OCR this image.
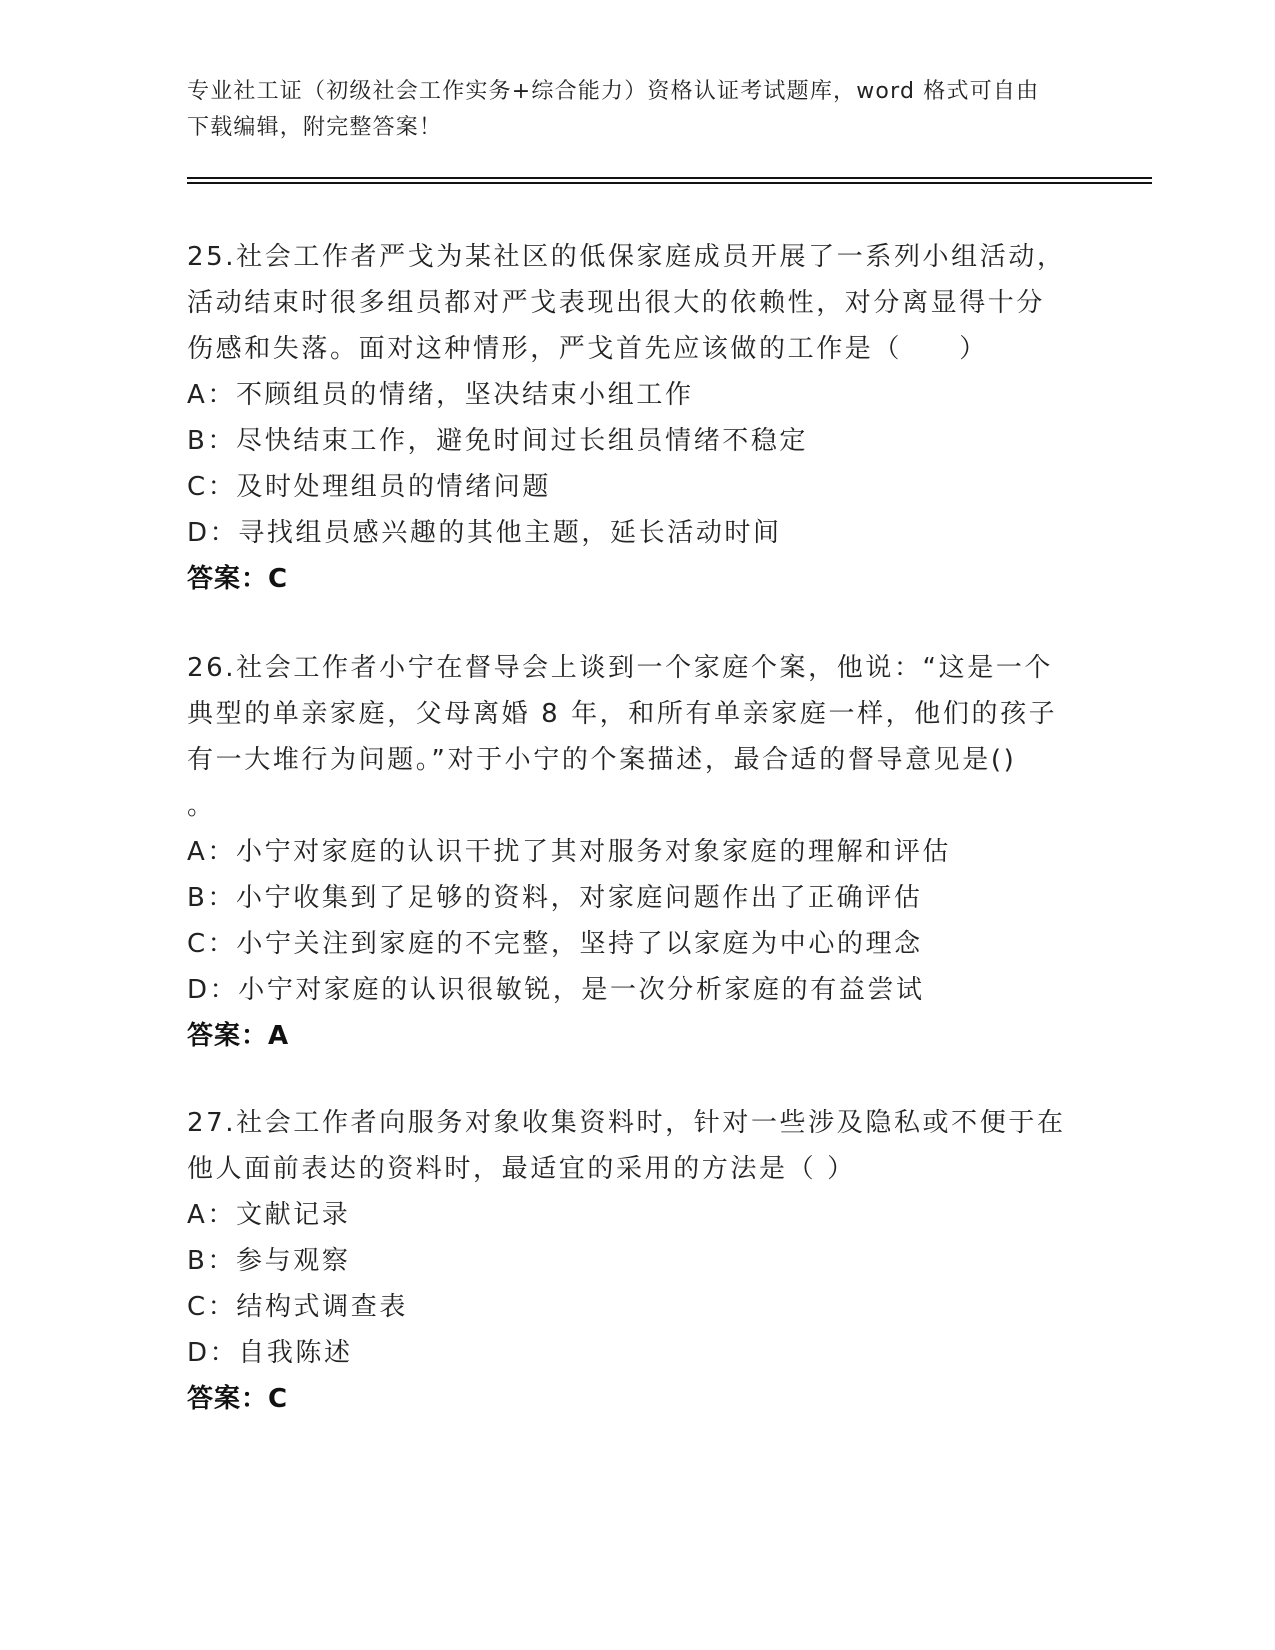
专业社工证（初级社会工作实务+综合能力）资格认证考试题库，word 格式可自由
下载编辑，附完整答案！
25.社会工作者严戈为某社区的低保家庭成员开展了一系列小组活动，
活动结束时很多组员都对严戈表现出很大的依赖性，对分离显得十分
伤感和失落。面对这种情形，严戈首先应该做的工作是（　　）
A：不顾组员的情绪，坚决结束小组工作
B：尽快结束工作，避免时间过长组员情绪不稳定
C：及时处理组员的情绪问题
D：寻找组员感兴趣的其他主题，延长活动时间
答案：C
26.社会工作者小宁在督导会上谈到一个家庭个案，他说：“这是一个
典型的单亲家庭，父母离婚 8 年，和所有单亲家庭一样，他们的孩子
有一大堆行为问题。”对于小宁的个案描述，最合适的督导意见是()
。
A：小宁对家庭的认识干扰了其对服务对象家庭的理解和评估
B：小宁收集到了足够的资料，对家庭问题作出了正确评估
C：小宁关注到家庭的不完整，坚持了以家庭为中心的理念
D：小宁对家庭的认识很敏锐，是一次分析家庭的有益尝试
答案：A
27.社会工作者向服务对象收集资料时，针对一些涉及隐私或不便于在
他人面前表达的资料时，最适宜的采用的方法是（ ）
A：文献记录
B：参与观察
C：结构式调查表
D：自我陈述
答案：C
